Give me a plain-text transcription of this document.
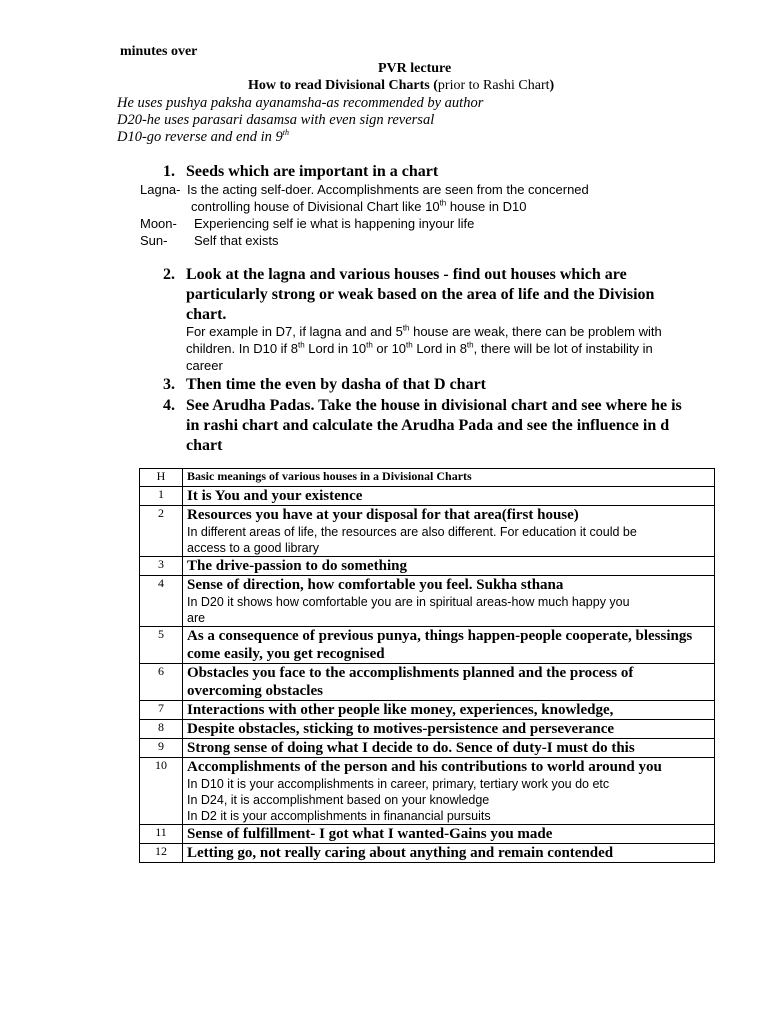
minutes over
PVR lecture
How to read Divisional Charts (prior to Rashi Chart)
He uses pushya paksha ayanamsha-as recommended by author
D20-he uses parasari dasamsa with even sign reversal
D10-go reverse and end in 9th
1. Seeds which are important in a chart
Lagna- Is the acting self-doer. Accomplishments are seen from the concerned
controlling house of Divisional Chart like 10th house in D10
Moon- Experiencing self ie what is happening inyour life
Sun- Self that exists
2. Look at the lagna and various houses - find out houses which are
particularly strong or weak based on the area of life and the Division
chart.
For example in D7, if lagna and and 5th house are weak, there can be problem with
children. In D10 if 8th Lord in 10th or 10th Lord in 8th, there will be lot of instability in
career
3. Then time the even by dasha of that D chart
4. See Arudha Padas. Take the house in divisional chart and see where he is
in rashi chart and calculate the Arudha Pada and see the influence in d
chart
H	Basic meanings of various houses in a Divisional Charts
1	It is You and your existence

2	Resources you have at your disposal for that area(first house)
In different areas of life, the resources are also different. For education it could be
access to a good library

3	The drive-passion to do something

4	Sense of direction, how comfortable you feel. Sukha sthana
In D20 it shows how comfortable you are in spiritual areas-how much happy you
are

5	As a consequence of previous punya, things happen-people cooperate, blessings come easily, you get recognised

6	Obstacles you face to the accomplishments planned and the process of overcoming obstacles

7	Interactions with other people like money, experiences, knowledge,

8	Despite obstacles, sticking to motives-persistence and perseverance

9	Strong sense of doing what I decide to do. Sence of duty-I must do this

10	Accomplishments of the person and his contributions to world around you
In D10 it is your accomplishments in career, primary, tertiary work you do etc
In D24, it is accomplishment based on your knowledge
In D2 it is your accomplishments in finanancial pursuits

11	Sense of fulfillment- I got what I wanted-Gains you made

12	Letting go, not really caring about anything and remain contended
